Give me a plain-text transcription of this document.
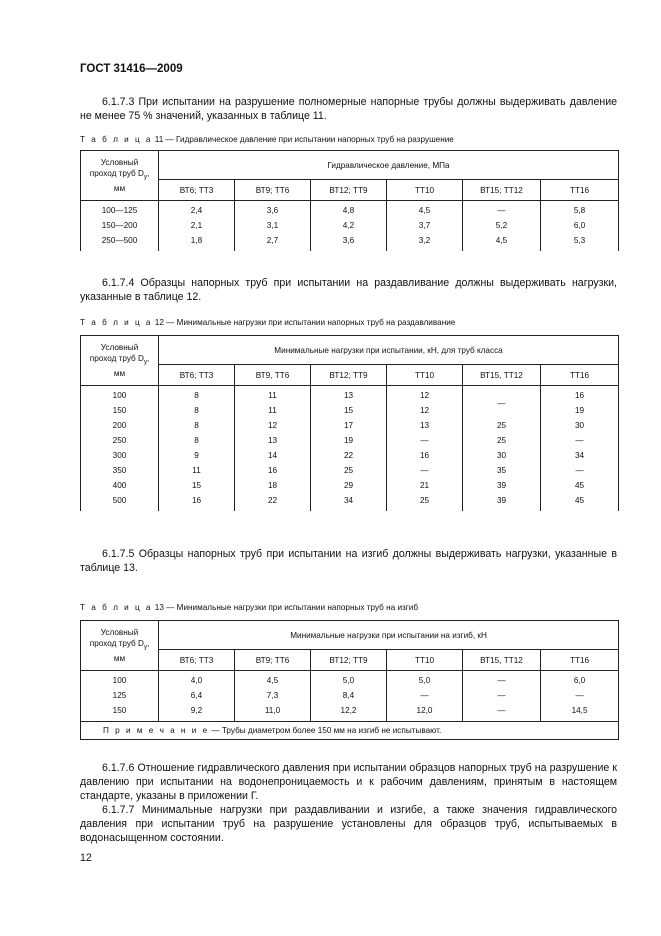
ГОСТ 31416—2009

6.1.7.3 При испытании на разрушение полномерные напорные трубы должны выдерживать давление не менее 75 % значений, указанных в таблице 11.

Т а б л и ц а 11 — Гидравлическое давление при испытании напорных труб на разрушение
Условный
проход труб $D_у$,
мм	Гидравлическое давление, МПа					
	ВТ6; ТТ3	ВТ9; ТТ6	ВТ12; ТТ9	ТТ10	ВТ15; ТТ12	ТТ16
100—125	2,4	3,6	4,8	4,5	—	5,8
150—200	2,1	3,1	4,2	3,7	5,2	6,0
250—500	1,8	2,7	3,6	3,2	4,5	5,3

6.1.7.4 Образцы напорных труб при испытании на раздавливание должны выдерживать нагрузки, указанные в таблице 12.

Т а б л и ц а 12 — Минимальные нагрузки при испытании напорных труб на раздавливание
Условный
проход труб $D_у$,
мм	Минимальные нагрузки при испытании, кН, для труб класса					
	ВТ6; ТТ3	ВТ9, ТТ6	ВТ12; ТТ9	ТТ10	ВТ15, ТТ12	ТТ16
100	8	11	13	12	—	16
150	8	11	15	12		19
200	8	12	17	13	25	30
250	8	13	19	—	25	—
300	9	14	22	16	30	34
350	11	16	25	—	35	—
400	15	18	29	21	39	45
500	16	22	34	25	39	45

6.1.7.5 Образцы напорных труб при испытании на изгиб должны выдерживать нагрузки, указанные в таблице 13.

Т а б л и ц а 13 — Минимальные нагрузки при испытании напорных труб на изгиб
Условный
проход труб $D_у$,
мм	Минимальные нагрузки при испытании на изгиб, кН					
	ВТ6; ТТ3	ВТ9; ТТ6	ВТ12; ТТ9	ТТ10	ВТ15, ТТ12	ТТ16
100	4,0	4,5	5,0	5,0	—	6,0
125	6,4	7,3	8,4	—	—	—
150	9,2	11,0	12,2	12,0	—	14,5
П р и м е ч а н и е — Трубы диаметром более 150 мм на изгиб не испытывают.						

6.1.7.6 Отношение гидравлического давления при испытании образцов напорных труб на разрушение к давлению при испытании на водонепроницаемость и к рабочим давлениям, принятым в настоящем стандарте, указаны в приложении Г.

6.1.7.7 Минимальные нагрузки при раздавливании и изгибе, а также значения гидравлического давления при испытании труб на разрушение установлены для образцов труб, испытываемых в водонасыщенном состоянии.

12
